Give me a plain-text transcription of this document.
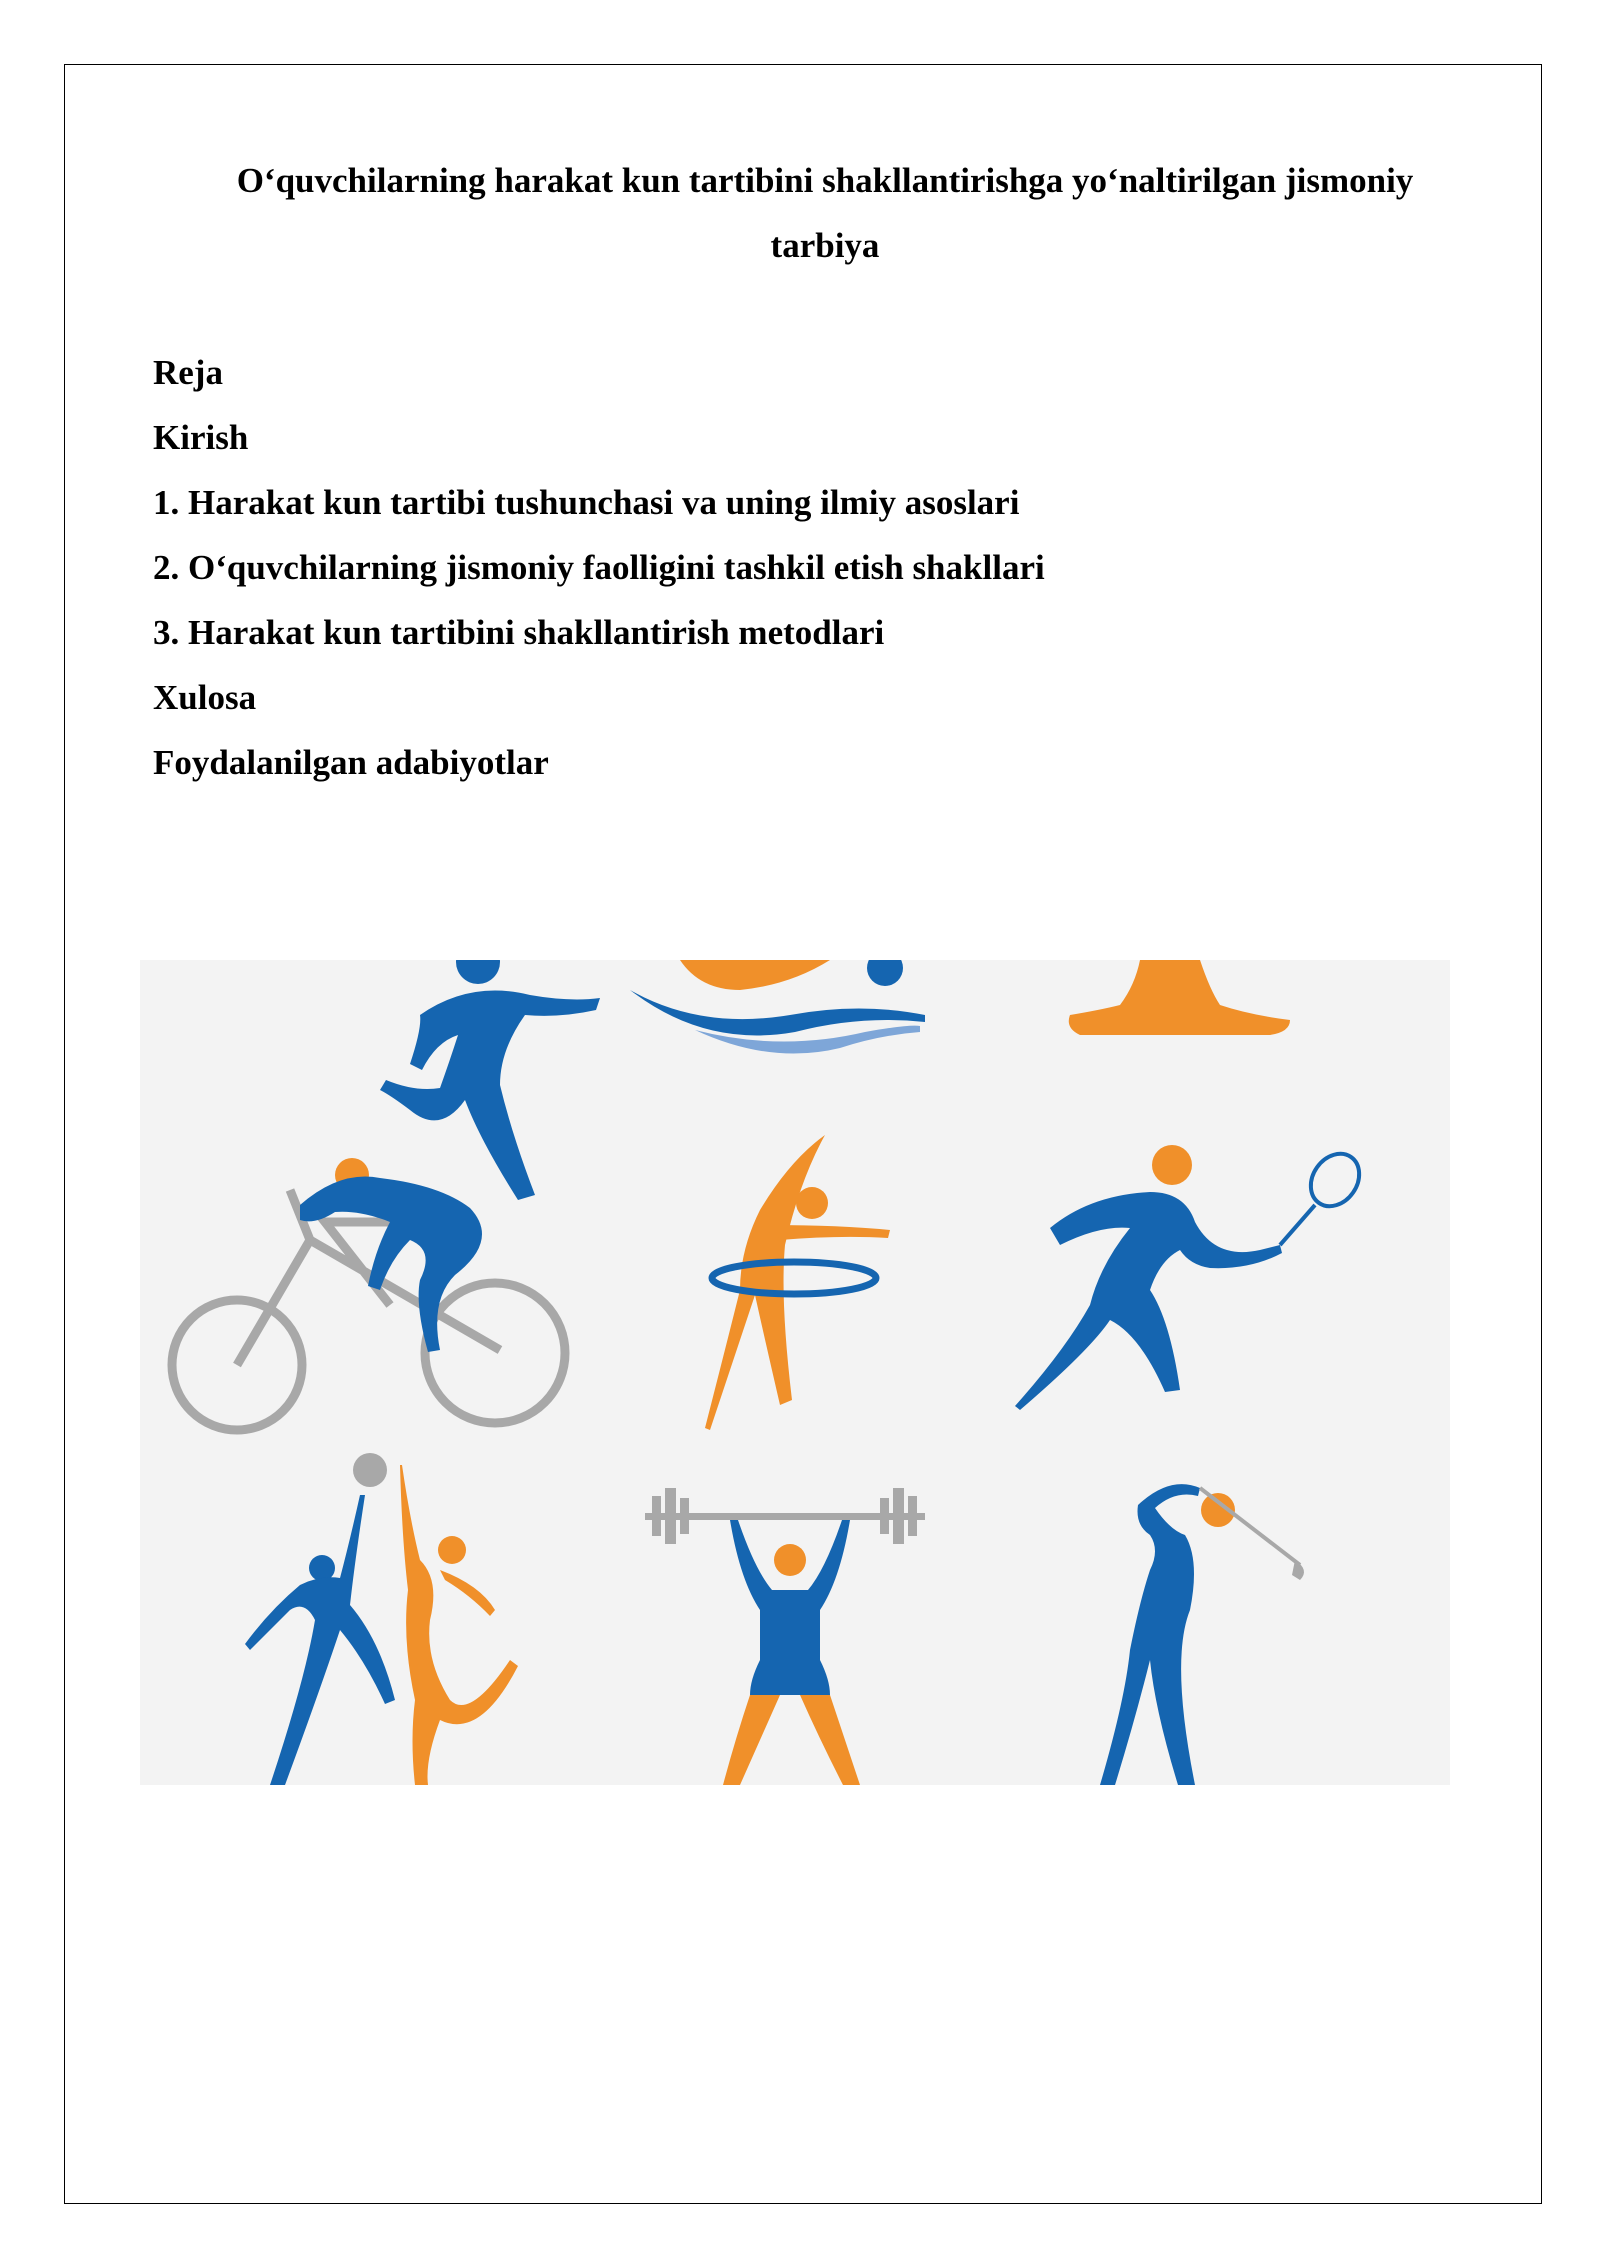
O‘quvchilarning harakat kun tartibini shakllantirishga yo‘naltirilgan jismoniy
tarbiya
Reja
Kirish
1. Harakat kun tartibi tushunchasi va uning ilmiy asoslari
2. O‘quvchilarning jismoniy faolligini tashkil etish shakllari
3. Harakat kun tartibini shakllantirish metodlari
Xulosa
Foydalanilgan adabiyotlar
